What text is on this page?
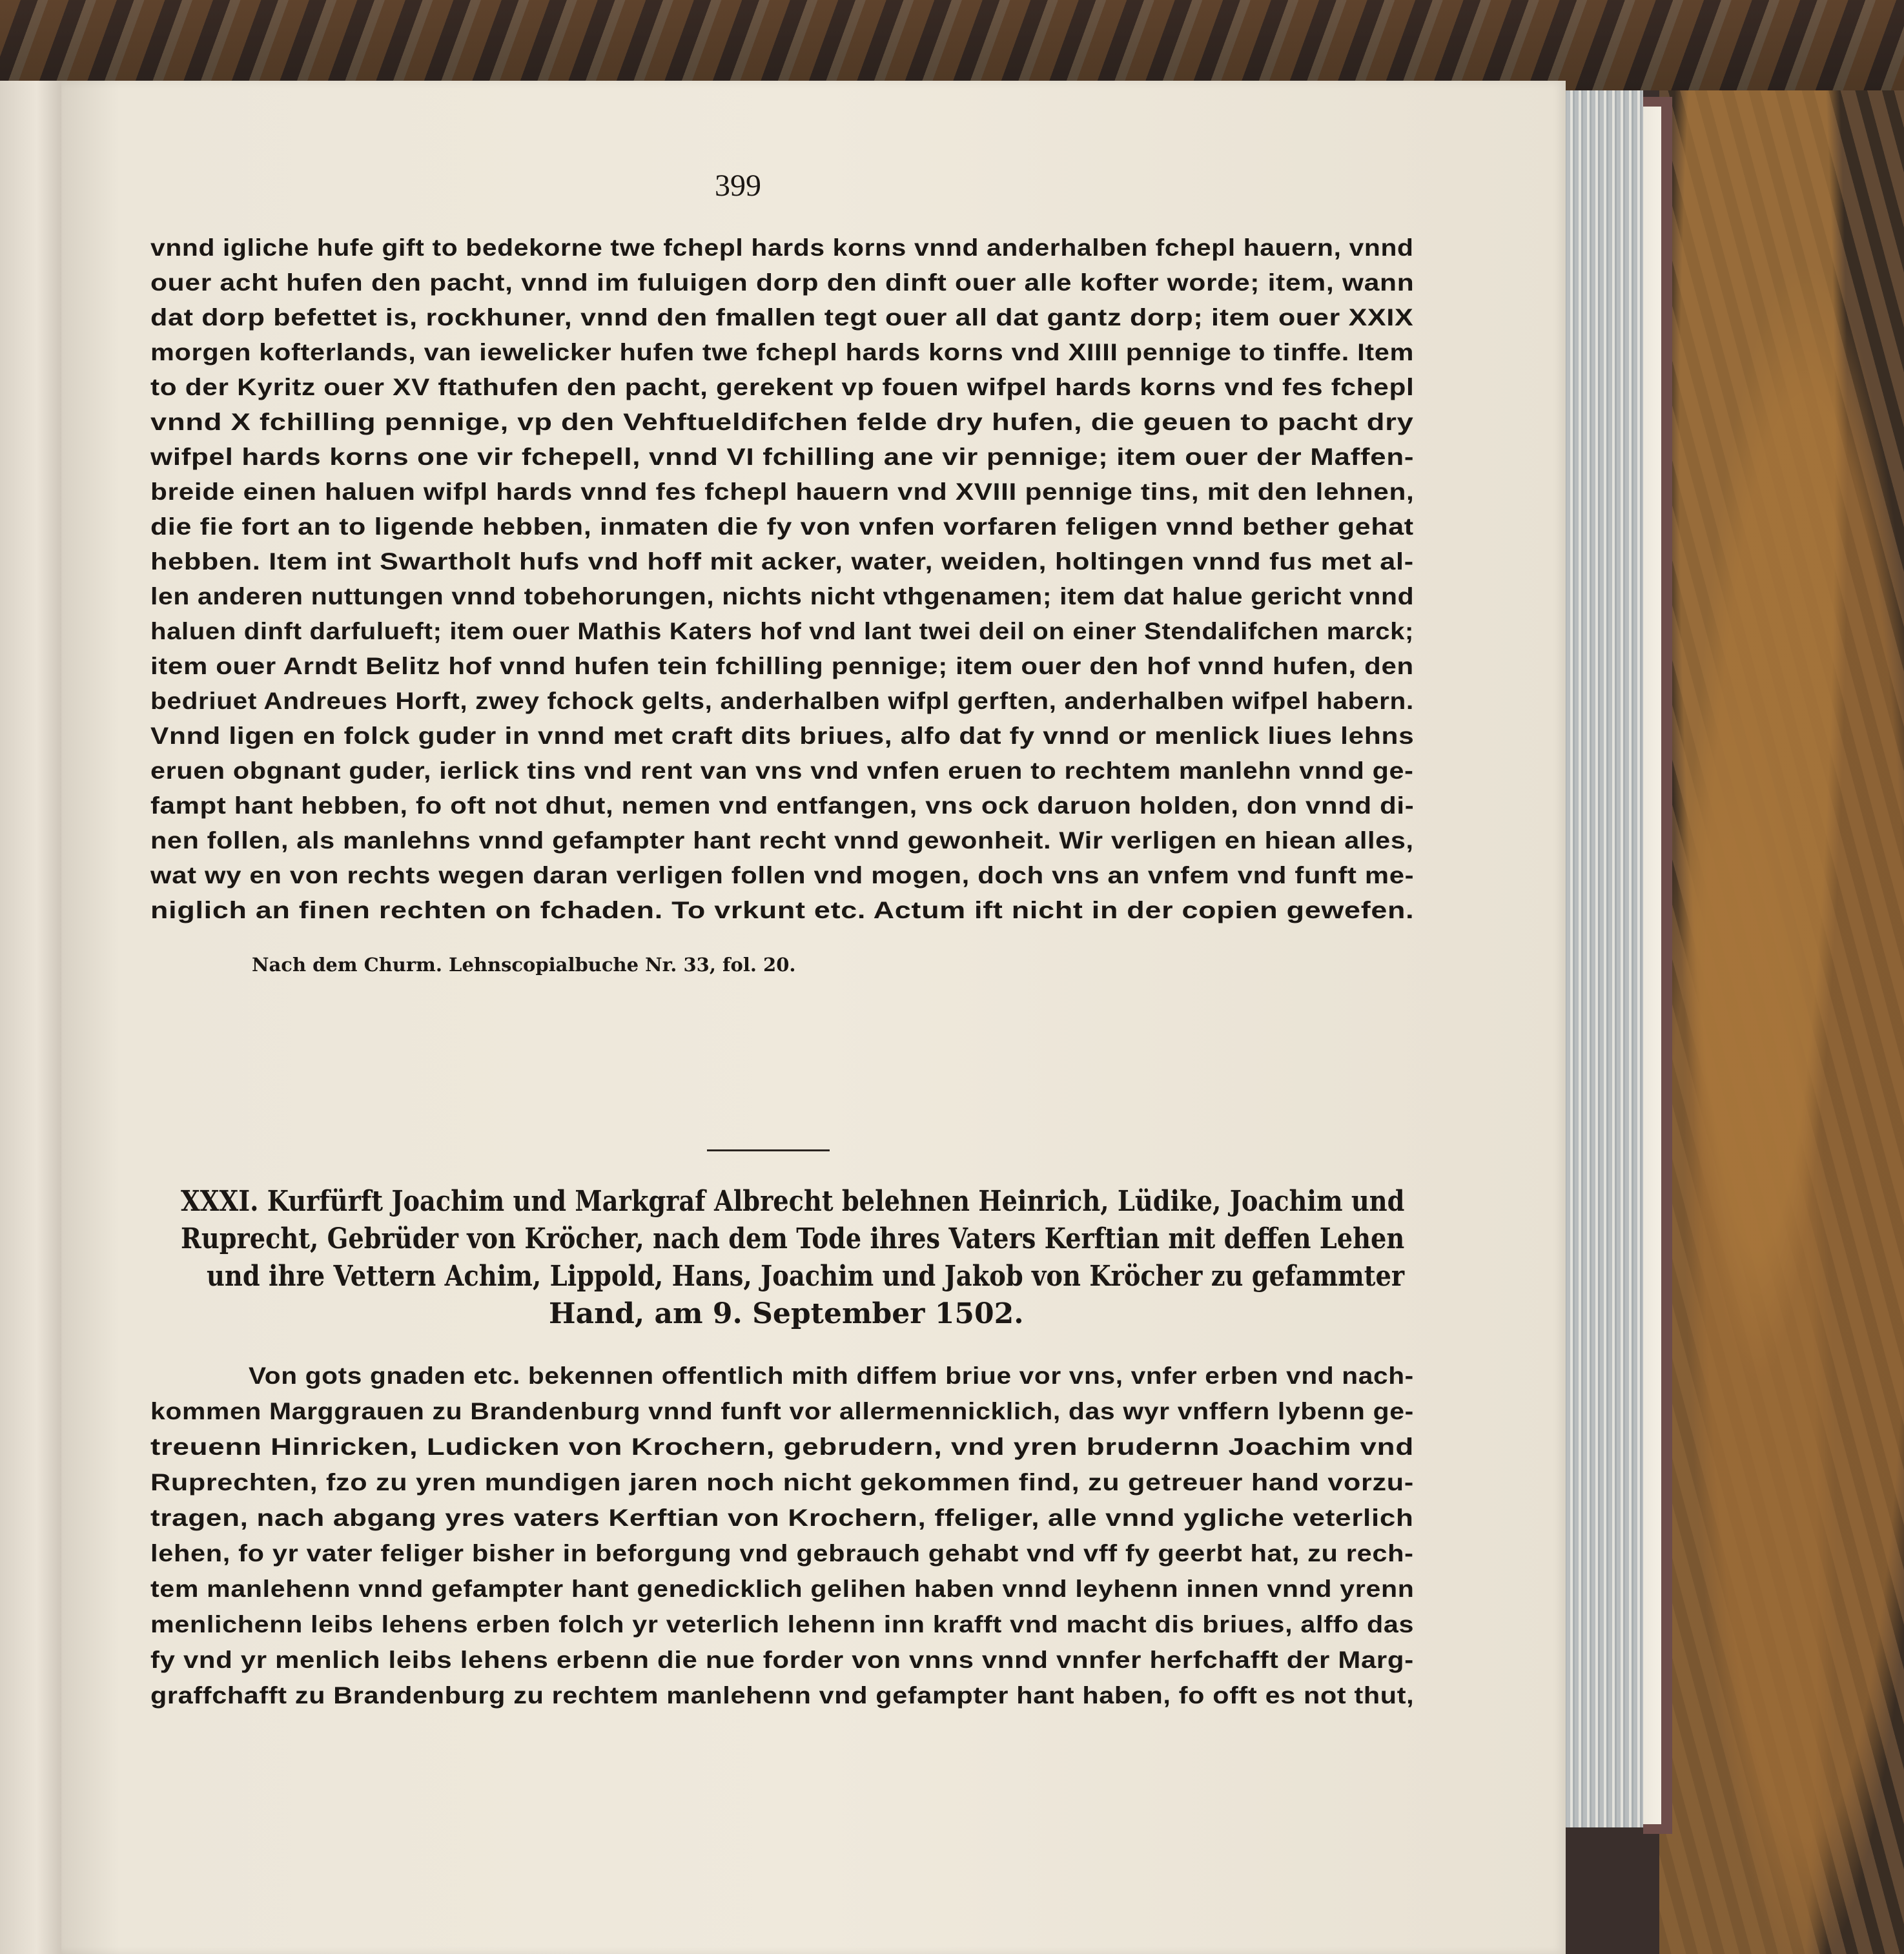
399

vnnd igliche hufe gift to bedekorne twe fchepl hards korns vnnd anderhalben fchepl hauern, vnnd

ouer acht hufen den pacht, vnnd im fuluigen dorp den dinft ouer alle kofter worde; item, wann

dat dorp befettet is, rockhuner, vnnd den fmallen tegt ouer all dat gantz dorp; item ouer XXIX

morgen kofterlands, van iewelicker hufen twe fchepl hards korns vnd XIIII pennige to tinffe. Item

to der Kyritz ouer XV ftathufen den pacht, gerekent vp fouen wifpel hards korns vnd fes fchepl

vnnd X fchilling pennige, vp den Vehftueldifchen felde dry hufen, die geuen to pacht dry

wifpel hards korns one vir fchepell, vnnd VI fchilling ane vir pennige; item ouer der Maffen-

breide einen haluen wifpl hards vnnd fes fchepl hauern vnd XVIII pennige tins, mit den lehnen,

die fie fort an to ligende hebben, inmaten die fy von vnfen vorfaren feligen vnnd bether gehat

hebben. Item int Swartholt hufs vnd hoff mit acker, water, weiden, holtingen vnnd fus met al-

len anderen nuttungen vnnd tobehorungen, nichts nicht vthgenamen; item dat halue gericht vnnd

haluen dinft darfulueft; item ouer Mathis Katers hof vnd lant twei deil on einer Stendalifchen marck;

item ouer Arndt Belitz hof vnnd hufen tein fchilling pennige; item ouer den hof vnnd hufen, den

bedriuet Andreues Horft, zwey fchock gelts, anderhalben wifpl gerften, anderhalben wifpel habern.

Vnnd ligen en folck guder in vnnd met craft dits briues, alfo dat fy vnnd or menlick liues lehns

eruen obgnant guder, ierlick tins vnd rent van vns vnd vnfen eruen to rechtem manlehn vnnd ge-

fampt hant hebben, fo oft not dhut, nemen vnd entfangen, vns ock daruon holden, don vnnd di-

nen follen, als manlehns vnnd gefampter hant recht vnnd gewonheit. Wir verligen en hiean alles,

wat wy en von rechts wegen daran verligen follen vnd mogen, doch vns an vnfem vnd funft me-

niglich an finen rechten on fchaden. To vrkunt etc. Actum ift nicht in der copien gewefen.

Nach dem Churm. Lehnscopialbuche Nr. 33, fol. 20.

XXXI. Kurfürft Joachim und Markgraf Albrecht belehnen Heinrich, Lüdike, Joachim und

Ruprecht, Gebrüder von Kröcher, nach dem Tode ihres Vaters Kerftian mit deffen Lehen

und ihre Vettern Achim, Lippold, Hans, Joachim und Jakob von Kröcher zu gefammter

Hand, am 9. September 1502.

Von gots gnaden etc. bekennen offentlich mith diffem briue vor vns, vnfer erben vnd nach-

kommen Marggrauen zu Brandenburg vnnd funft vor allermennicklich, das wyr vnffern lybenn ge-

treuenn Hinricken, Ludicken von Krochern, gebrudern, vnd yren brudernn Joachim vnd

Ruprechten, fzo zu yren mundigen jaren noch nicht gekommen find, zu getreuer hand vorzu-

tragen, nach abgang yres vaters Kerftian von Krochern, ffeliger, alle vnnd ygliche veterlich

lehen, fo yr vater feliger bisher in beforgung vnd gebrauch gehabt vnd vff fy geerbt hat, zu rech-

tem manlehenn vnnd gefampter hant genedicklich gelihen haben vnnd leyhenn innen vnnd yrenn

menlichenn leibs lehens erben folch yr veterlich lehenn inn krafft vnd macht dis briues, alffo das

fy vnd yr menlich leibs lehens erbenn die nue forder von vnns vnnd vnnfer herfchafft der Marg-

graffchafft zu Brandenburg zu rechtem manlehenn vnd gefampter hant haben, fo offt es not thut,
